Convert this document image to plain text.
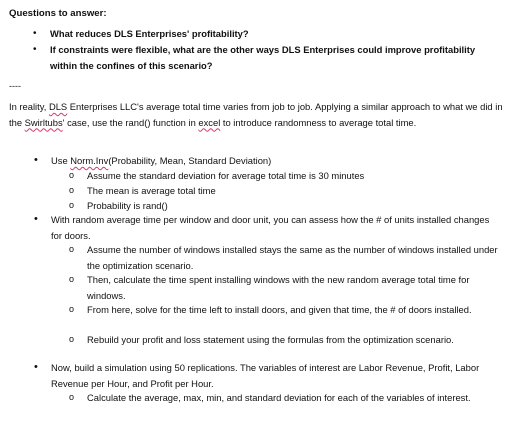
Questions to answer:
• What reduces DLS Enterprises' profitability?
• If constraints were flexible, what are the other ways DLS Enterprises could improve profitability within the confines of this scenario?
----
In reality, DLS Enterprises LLC's average total time varies from job to job. Applying a similar approach to what we did in the Swirltubs' case, use the rand() function in excel to introduce randomness to average total time.
• Use Norm.Inv(Probability, Mean, Standard Deviation)
o Assume the standard deviation for average total time is 30 minutes
o The mean is average total time
o Probability is rand()
• With random average time per window and door unit, you can assess how the # of units installed changes for doors.
o Assume the number of windows installed stays the same as the number of windows installed under the optimization scenario.
o Then, calculate the time spent installing windows with the new random average total time for windows.
o From here, solve for the time left to install doors, and given that time, the # of doors installed.
o Rebuild your profit and loss statement using the formulas from the optimization scenario.
• Now, build a simulation using 50 replications. The variables of interest are Labor Revenue, Profit, Labor Revenue per Hour, and Profit per Hour.
o Calculate the average, max, min, and standard deviation for each of the variables of interest.
